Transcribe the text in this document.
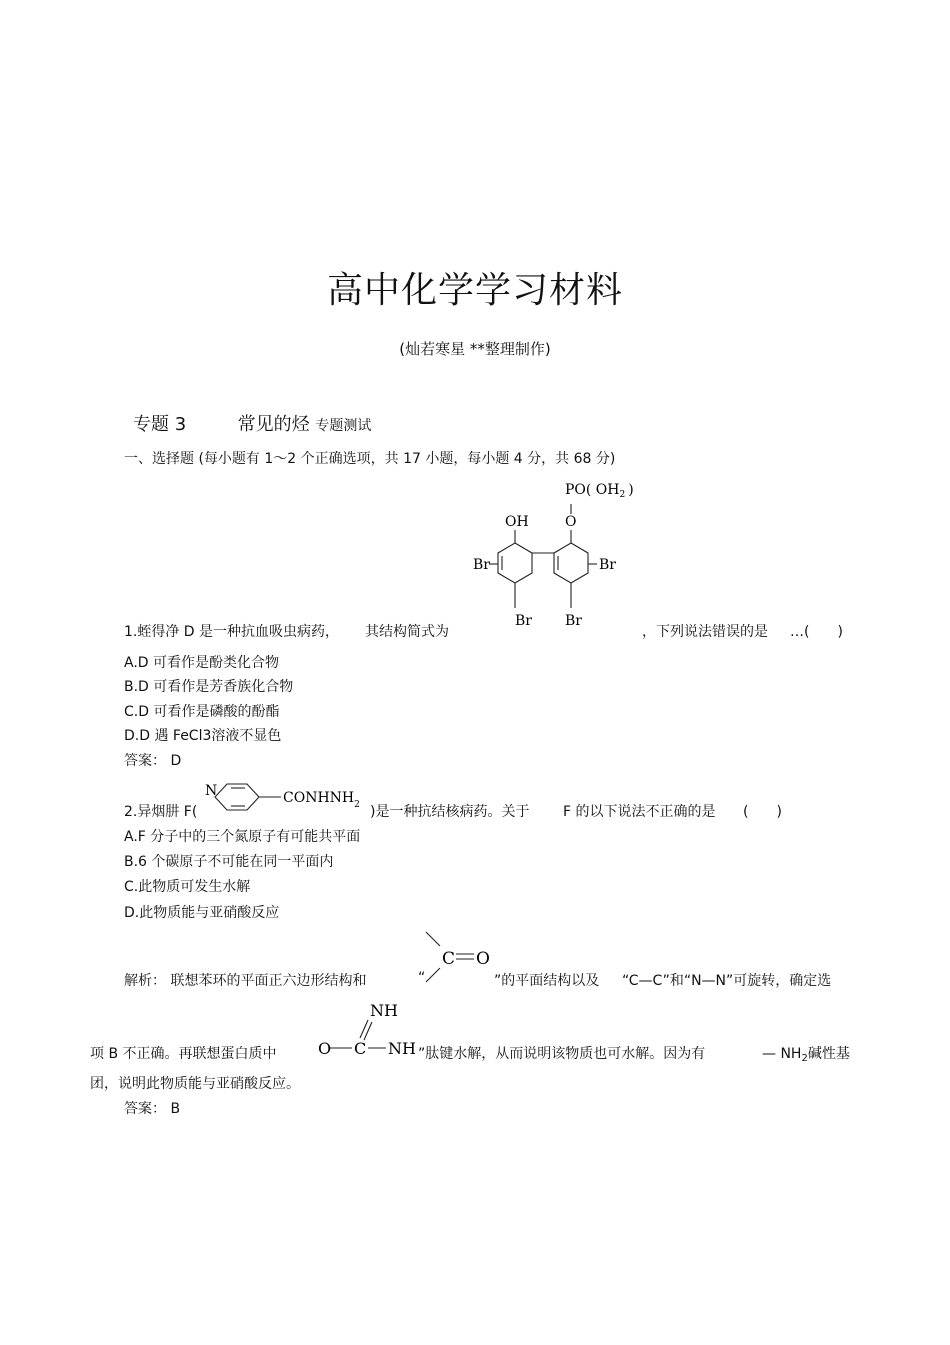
高中化学学习材料
(灿若寒星 **整理制作)
专题 3	常见的烃 专题测试
一、选择题 (每小题有 1～2 个正确选项，共 17 小题，每小题 4 分，共 68 分)
PO( $OH_2$ )
OH	O
Br	Br
Br Br
1.蛭得净 D 是一种抗血吸虫病药， 其结构简式为	，下列说法错误的是 …(　　)
A.D 可看作是酚类化合物
B.D 可看作是芳香族化合物
C.D 可看作是磷酸的酚酯
D.D 遇 FeCl3溶液不显色
答案： D
2.异烟肼 F(
N	$CONHNH_2$ )是一种抗结核病药。关于 F 的以下说法不正确的是 (　　)
A.F 分子中的三个氮原子有可能共平面
B.6 个碳原子不可能在同一平面内
C.此物质可发生水解
D.此物质能与亚硝酸反应
解析： 联想苯环的平面正六边形结构和	“
C O
”的平面结构以及 “C—C”和“N—N”可旋转，确定选
项 B 不正确。再联想蛋白质中
NH
O C NH ”肽键水解，从而说明该物质也可水解。因为有	— $NH_2$碱性基
团，说明此物质能与亚硝酸反应。
答案： B
